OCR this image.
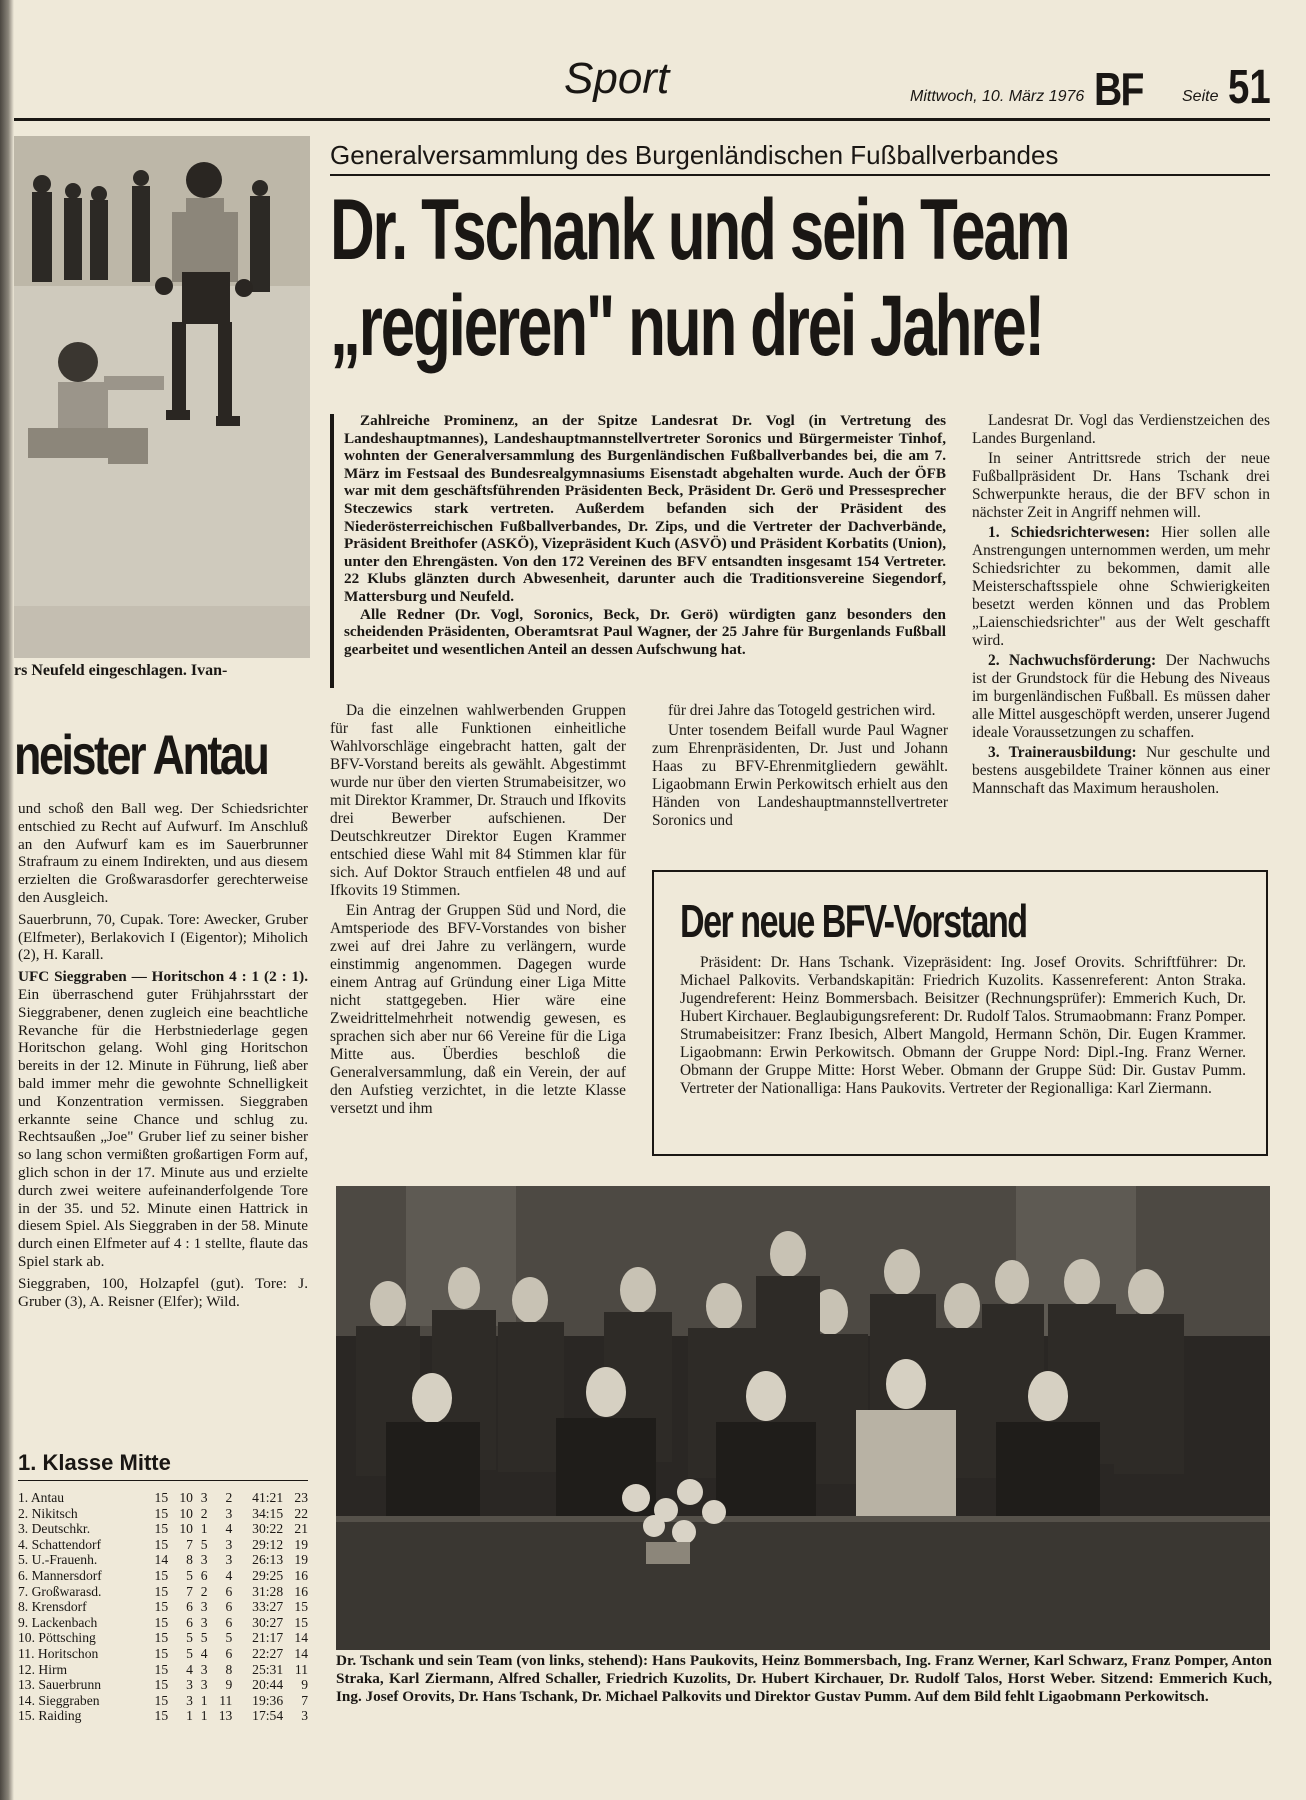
Sport	Mittwoch, 10. März 1976 BF Seite 51
rs Neufeld eingeschlagen. Ivan-
neister Antau

und schoß den Ball weg. Der Schiedsrichter entschied zu Recht auf Aufwurf. Im Anschluß an den Aufwurf kam es im Sauerbrunner Strafraum zu einem Indirekten, und aus diesem erzielten die Großwarasdorfer gerechterweise den Ausgleich.

Sauerbrunn, 70, Cupak. Tore: Awecker, Gruber (Elfmeter), Berlakovich I (Eigentor); Miholich (2), H. Karall.

UFC Sieggraben — Horitschon 4 : 1 (2 : 1). Ein überraschend guter Frühjahrsstart der Sieggrabener, denen zugleich eine beachtliche Revanche für die Herbstniederlage gegen Horitschon gelang. Wohl ging Horitschon bereits in der 12. Minute in Führung, ließ aber bald immer mehr die gewohnte Schnelligkeit und Konzentration vermissen. Sieggraben erkannte seine Chance und schlug zu. Rechtsaußen „Joe" Gruber lief zu seiner bisher so lang schon vermißten großartigen Form auf, glich schon in der 17. Minute aus und erzielte durch zwei weitere aufeinanderfolgende Tore in der 35. und 52. Minute einen Hattrick in diesem Spiel. Als Sieggraben in der 58. Minute durch einen Elfmeter auf 4 : 1 stellte, flaute das Spiel stark ab.

Sieggraben, 100, Holzapfel (gut). Tore: J. Gruber (3), A. Reisner (Elfer); Wild.

1. Klasse Mitte
1. Antau	15	10	3	2	41:21	23
2. Nikitsch	15	10	2	3	34:15	22
3. Deutschkr.	15	10	1	4	30:22	21
4. Schattendorf	15	7	5	3	29:12	19
5. U.-Frauenh.	14	8	3	3	26:13	19
6. Mannersdorf	15	5	6	4	29:25	16
7. Großwarasd.	15	7	2	6	31:28	16
8. Krensdorf	15	6	3	6	33:27	15
9. Lackenbach	15	6	3	6	30:27	15
10. Pöttsching	15	5	5	5	21:17	14
11. Horitschon	15	5	4	6	22:27	14
12. Hirm	15	4	3	8	25:31	11
13. Sauerbrunn	15	3	3	9	20:44	9
14. Sieggraben	15	3	1	11	19:36	7
15. Raiding	15	1	1	13	17:54	3
Generalversammlung des Burgenländischen Fußballverbandes
Dr. Tschank und sein Team
„regieren" nun drei Jahre!

Zahlreiche Prominenz, an der Spitze Landesrat Dr. Vogl (in Vertretung des Landeshauptmannes), Landeshauptmannstellvertreter Soronics und Bürgermeister Tinhof, wohnten der Generalversammlung des Burgenländischen Fußballverbandes bei, die am 7. März im Festsaal des Bundesrealgymnasiums Eisenstadt abgehalten wurde. Auch der ÖFB war mit dem geschäftsführenden Präsidenten Beck, Präsident Dr. Gerö und Pressesprecher Steczewics stark vertreten. Außerdem befanden sich der Präsident des Niederösterreichischen Fußballverbandes, Dr. Zips, und die Vertreter der Dachverbände, Präsident Breithofer (ASKÖ), Vizepräsident Kuch (ASVÖ) und Präsident Korbatits (Union), unter den Ehrengästen. Von den 172 Vereinen des BFV entsandten insgesamt 154 Vertreter. 22 Klubs glänzten durch Abwesenheit, darunter auch die Traditionsvereine Siegendorf, Mattersburg und Neufeld.

Alle Redner (Dr. Vogl, Soronics, Beck, Dr. Gerö) würdigten ganz besonders den scheidenden Präsidenten, Oberamtsrat Paul Wagner, der 25 Jahre für Burgenlands Fußball gearbeitet und wesentlichen Anteil an dessen Aufschwung hat.

Da die einzelnen wahlwerbenden Gruppen für fast alle Funktionen einheitliche Wahlvorschläge eingebracht hatten, galt der BFV-Vorstand bereits als gewählt. Abgestimmt wurde nur über den vierten Strumabeisitzer, wo mit Direktor Krammer, Dr. Strauch und Ifkovits drei Bewerber aufschienen. Der Deutschkreutzer Direktor Eugen Krammer entschied diese Wahl mit 84 Stimmen klar für sich. Auf Doktor Strauch entfielen 48 und auf Ifkovits 19 Stimmen.

Ein Antrag der Gruppen Süd und Nord, die Amtsperiode des BFV-Vorstandes von bisher zwei auf drei Jahre zu verlängern, wurde einstimmig angenommen. Dagegen wurde einem Antrag auf Gründung einer Liga Mitte nicht stattgegeben. Hier wäre eine Zweidrittelmehrheit notwendig gewesen, es sprachen sich aber nur 66 Vereine für die Liga Mitte aus. Überdies beschloß die Generalversammlung, daß ein Verein, der auf den Aufstieg verzichtet, in die letzte Klasse versetzt und ihm

für drei Jahre das Totogeld gestrichen wird.

Unter tosendem Beifall wurde Paul Wagner zum Ehrenpräsidenten, Dr. Just und Johann Haas zu BFV-Ehrenmitgliedern gewählt. Ligaobmann Erwin Perkowitsch erhielt aus den Händen von Landeshauptmannstellvertreter Soronics und

Landesrat Dr. Vogl das Verdienstzeichen des Landes Burgenland.

In seiner Antrittsrede strich der neue Fußballpräsident Dr. Hans Tschank drei Schwerpunkte heraus, die der BFV schon in nächster Zeit in Angriff nehmen will.

1. Schiedsrichterwesen: Hier sollen alle Anstrengungen unternommen werden, um mehr Schiedsrichter zu bekommen, damit alle Meisterschaftsspiele ohne Schwierigkeiten besetzt werden können und das Problem „Laienschiedsrichter" aus der Welt geschafft wird.

2. Nachwuchsförderung: Der Nachwuchs ist der Grundstock für die Hebung des Niveaus im burgenländischen Fußball. Es müssen daher alle Mittel ausgeschöpft werden, unserer Jugend ideale Voraussetzungen zu schaffen.

3. Trainerausbildung: Nur geschulte und bestens ausgebildete Trainer können aus einer Mannschaft das Maximum herausholen.

Der neue BFV-Vorstand
Präsident: Dr. Hans Tschank. Vizepräsident: Ing. Josef Orovits. Schriftführer: Dr. Michael Palkovits. Verbandskapitän: Friedrich Kuzolits. Kassenreferent: Anton Straka. Jugendreferent: Heinz Bommersbach. Beisitzer (Rechnungsprüfer): Emmerich Kuch, Dr. Hubert Kirchauer. Beglaubigungsreferent: Dr. Rudolf Talos. Strumaobmann: Franz Pomper. Strumabeisitzer: Franz Ibesich, Albert Mangold, Hermann Schön, Dir. Eugen Krammer. Ligaobmann: Erwin Perkowitsch. Obmann der Gruppe Nord: Dipl.-Ing. Franz Werner. Obmann der Gruppe Mitte: Horst Weber. Obmann der Gruppe Süd: Dir. Gustav Pumm. Vertreter der Nationalliga: Hans Paukovits. Vertreter der Regionalliga: Karl Ziermann.
Dr. Tschank und sein Team (von links, stehend): Hans Paukovits, Heinz Bommersbach, Ing. Franz Werner, Karl Schwarz, Franz Pomper, Anton Straka, Karl Ziermann, Alfred Schaller, Friedrich Kuzolits, Dr. Hubert Kirchauer, Dr. Rudolf Talos, Horst Weber. Sitzend: Emmerich Kuch, Ing. Josef Orovits, Dr. Hans Tschank, Dr. Michael Palkovits und Direktor Gustav Pumm. Auf dem Bild fehlt Ligaobmann Perkowitsch.
